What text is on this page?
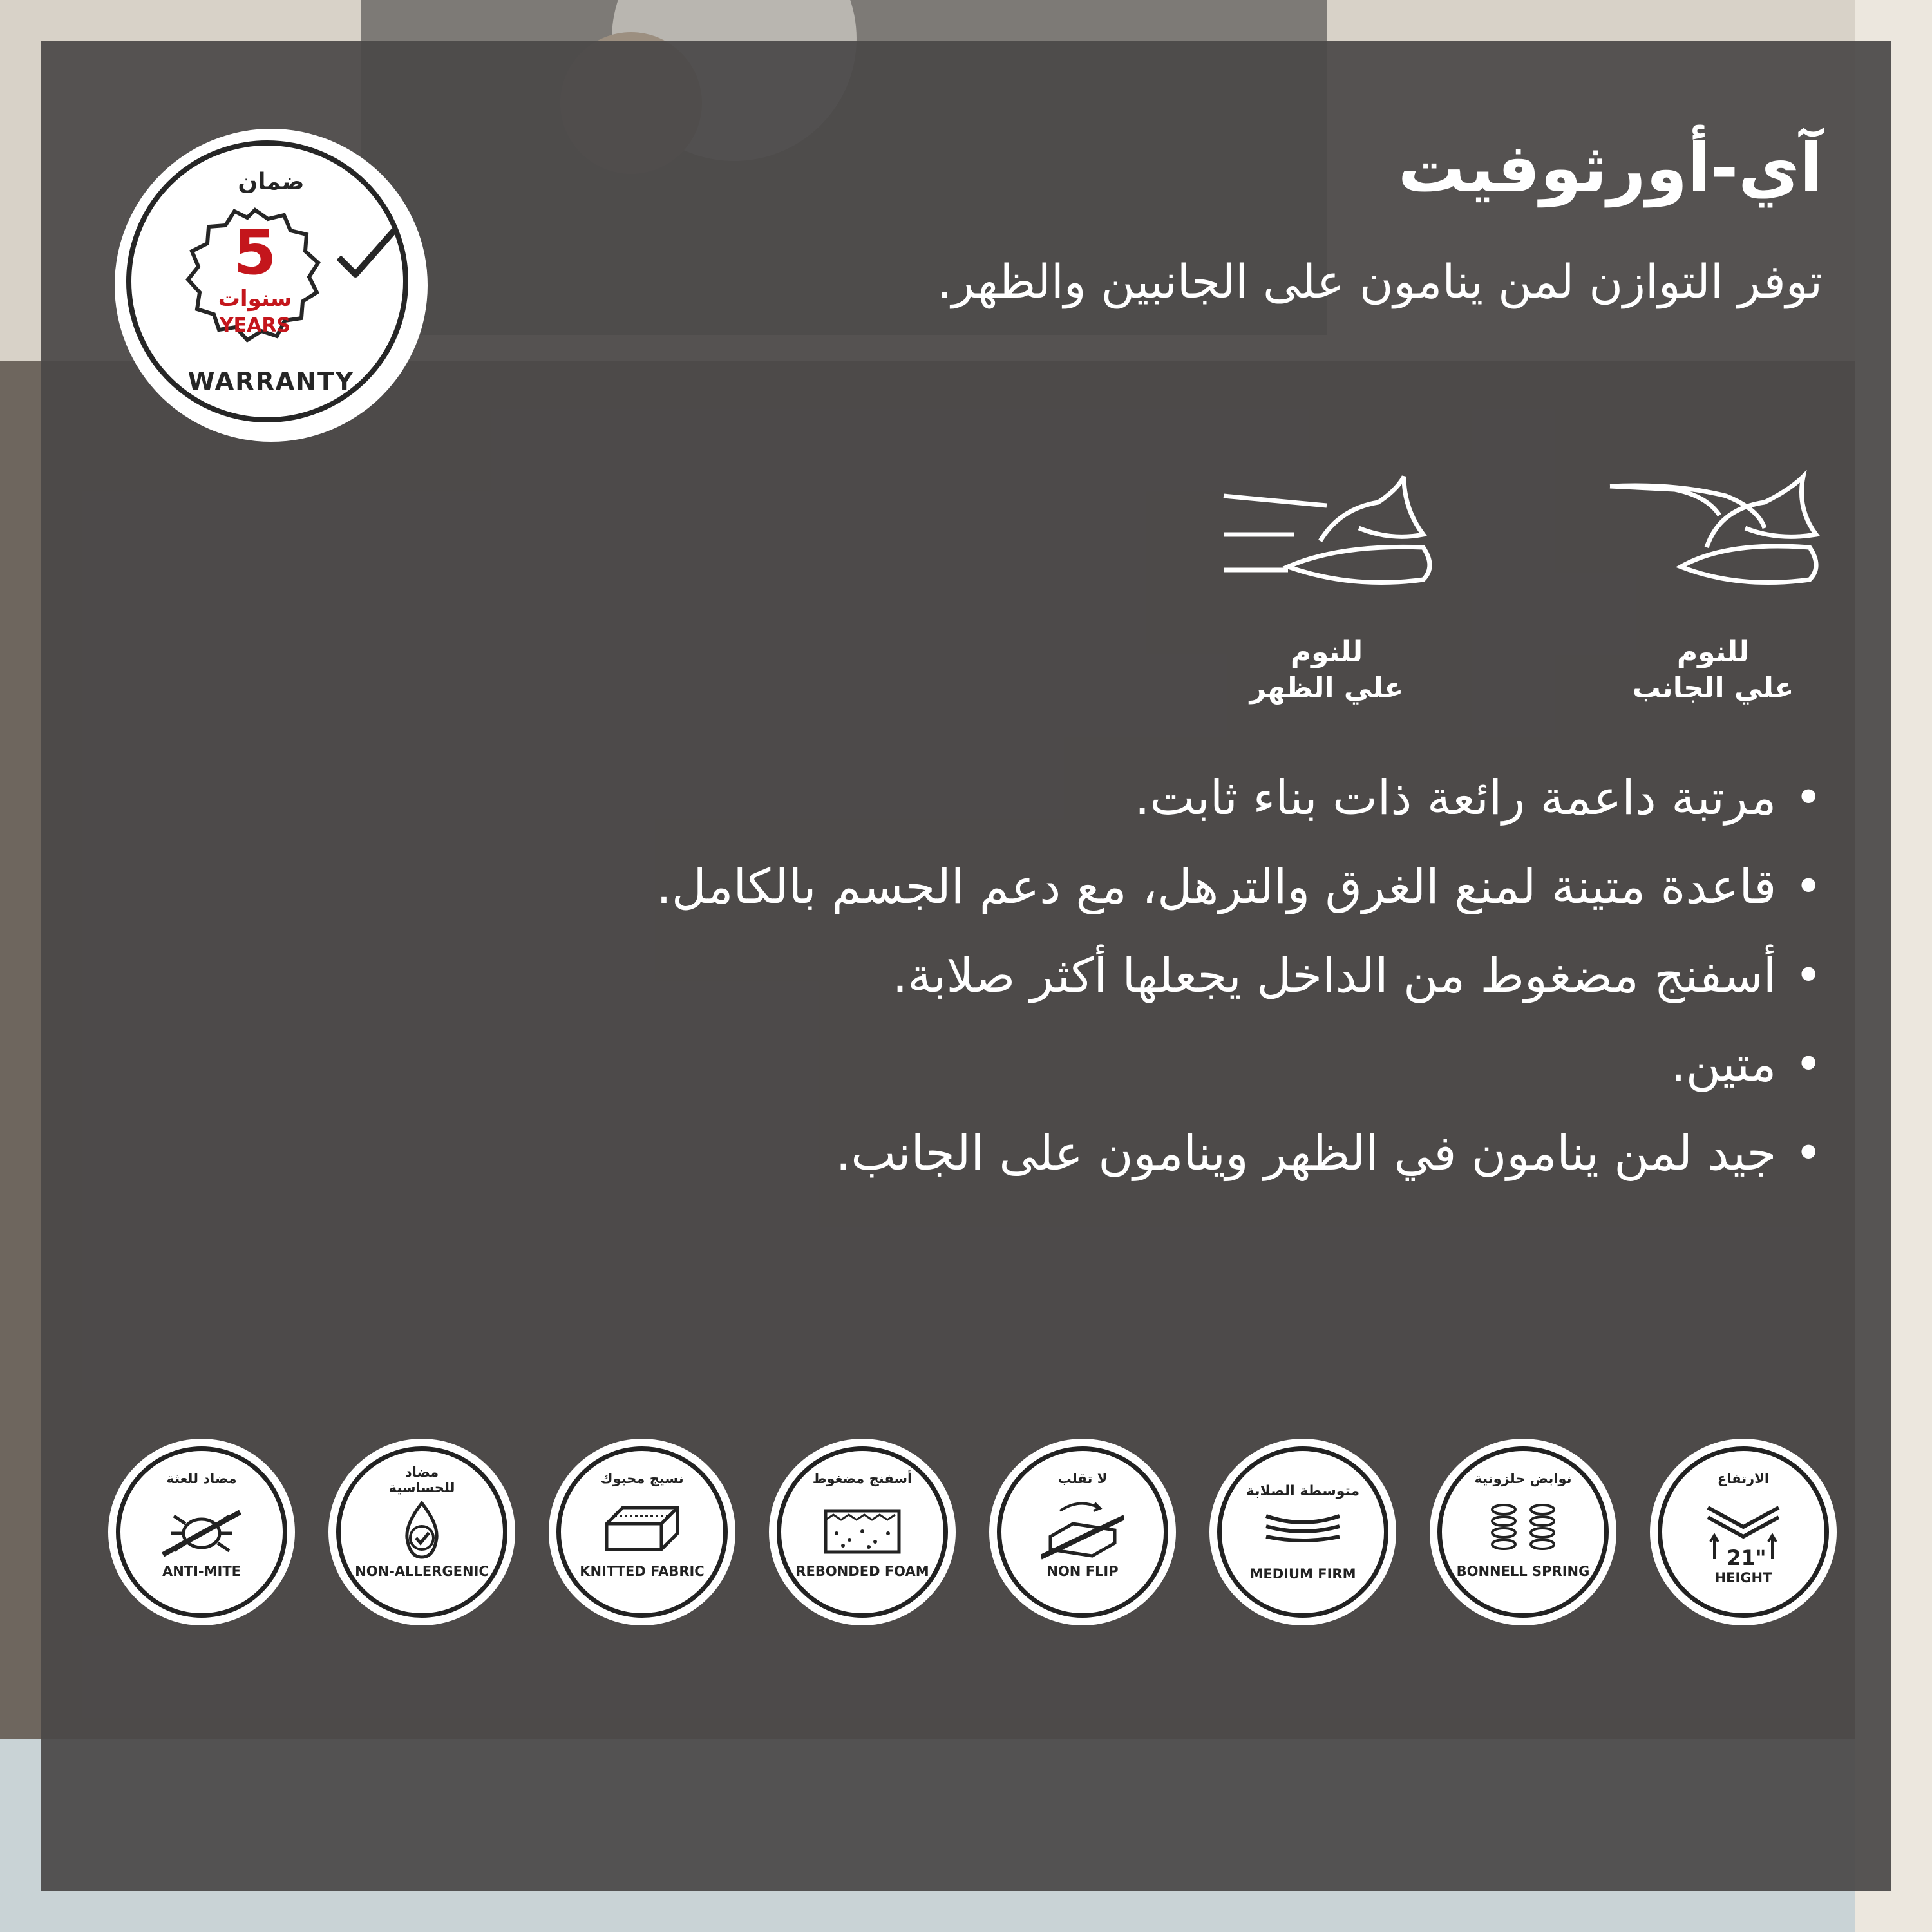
ضمان
5
سنوات
YEARS
WARRANTY
آي-أورثوفيت

توفر التوازن لمن ينامون على الجانبين والظهر.

للنوم
علي الجانب
للنوم
علي الظهر
• مرتبة داعمة رائعة ذات بناء ثابت.
• قاعدة متينة لمنع الغرق والترهل، مع دعم الجسم بالكامل.
• أسفنج مضغوط من الداخل يجعلها أكثر صلابة.
• متين.
• جيد لمن ينامون في الظهر وينامون على الجانب.
مضاد للعثة
ANTI-MITE
مضاد للحساسية
NON-ALLERGENIC
نسيج محبوك
KNITTED FABRIC
أسفنج مضغوط
REBONDED FOAM
لا تقلب
NON FLIP
متوسطة الصلابة
MEDIUM FIRM
نوابض حلزونية
BONNELL SPRING
الارتفاع
21"
HEIGHT
